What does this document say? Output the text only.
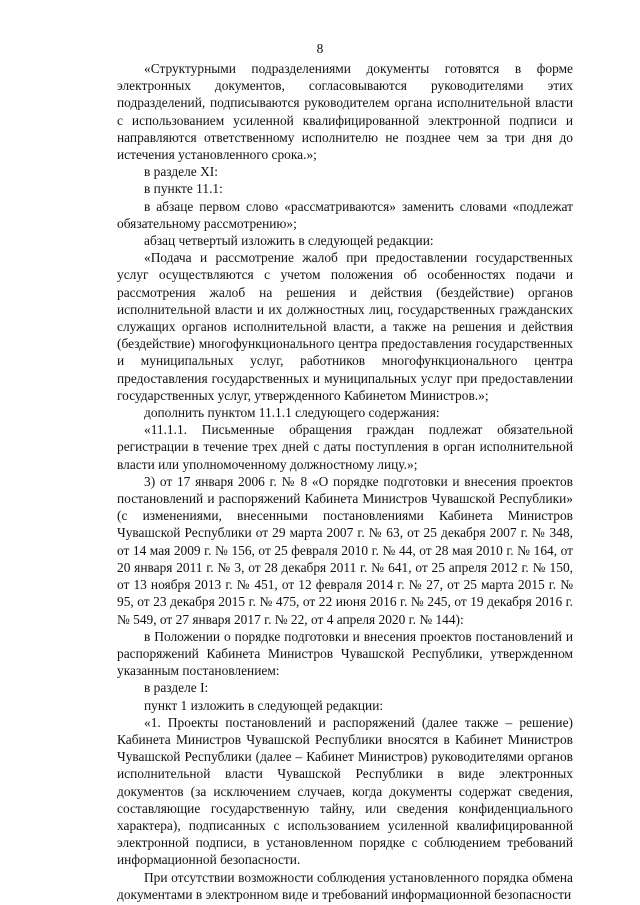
8

«Структурными подразделениями документы готовятся в форме электронных документов, согласовываются руководителями этих подразделений, подписываются руководителем органа исполнительной власти с использованием усиленной квалифицированной электронной подписи и направляются ответственному исполнителю не позднее чем за три дня до истечения установленного срока.»;

в разделе XI:

в пункте 11.1:

в абзаце первом слово «рассматриваются» заменить словами «подлежат обязательному рассмотрению»;

абзац четвертый изложить в следующей редакции:

«Подача и рассмотрение жалоб при предоставлении государственных услуг осуществляются с учетом положения об особенностях подачи и рассмотрения жалоб на решения и действия (бездействие) органов исполнительной власти и их должностных лиц, государственных гражданских служащих органов исполнительной власти, а также на решения и действия (бездействие) многофункционального центра предоставления государственных и муниципальных услуг, работников многофункционального центра предоставления государственных и муниципальных услуг при предоставлении государственных услуг, утвержденного Кабинетом Министров.»;

дополнить пунктом 11.1.1 следующего содержания:

«11.1.1. Письменные обращения граждан подлежат обязательной регистрации в течение трех дней с даты поступления в орган исполнительной власти или уполномоченному должностному лицу.»;

3) от 17 января 2006 г. № 8 «О порядке подготовки и внесения проектов постановлений и распоряжений Кабинета Министров Чувашской Республики» (с изменениями, внесенными постановлениями Кабинета Министров Чувашской Республики от 29 марта 2007 г. № 63, от 25 декабря 2007 г. № 348, от 14 мая 2009 г. № 156, от 25 февраля 2010 г. № 44, от 28 мая 2010 г. № 164, от 20 января 2011 г. № 3, от 28 декабря 2011 г. № 641, от 25 апреля 2012 г. № 150, от 13 ноября 2013 г. № 451, от 12 февраля 2014 г. № 27, от 25 марта 2015 г. № 95, от 23 декабря 2015 г. № 475, от 22 июня 2016 г. № 245, от 19 декабря 2016 г. № 549, от 27 января 2017 г. № 22, от 4 апреля 2020 г. № 144):

в Положении о порядке подготовки и внесения проектов постановлений и распоряжений Кабинета Министров Чувашской Республики, утвержденном указанным постановлением:

в разделе I:

пункт 1 изложить в следующей редакции:

«1. Проекты постановлений и распоряжений (далее также – решение) Кабинета Министров Чувашской Республики вносятся в Кабинет Министров Чувашской Республики (далее – Кабинет Министров) руководителями органов исполнительной власти Чувашской Республики в виде электронных документов (за исключением случаев, когда документы содержат сведения, составляющие государственную тайну, или сведения конфиденциального характера), подписанных с использованием усиленной квалифицированной электронной подписи, в установленном порядке с соблюдением требований информационной безопасности.

При отсутствии возможности соблюдения установленного порядка обмена документами в электронном виде и требований информационной безопасности
